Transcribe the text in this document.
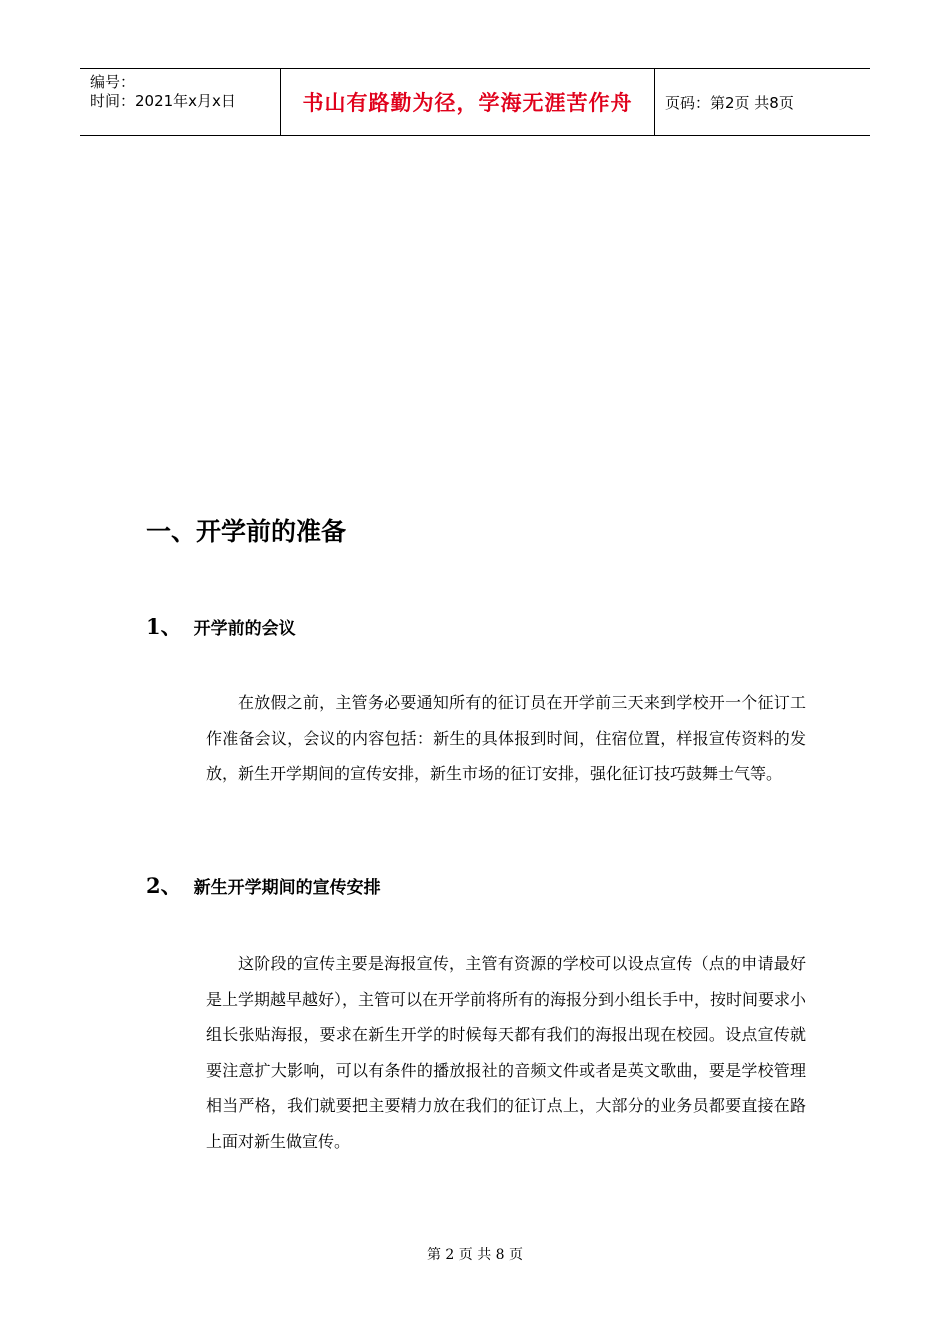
编号：
时间：2021年x月x日	书山有路勤为径，学海无涯苦作舟	页码：第2页 共8页
一、开学前的准备
1、 开学前的会议

在放假之前，主管务必要通知所有的征订员在开学前三天来到学校开一个征订工作准备会议，会议的内容包括：新生的具体报到时间，住宿位置，样报宣传资料的发放，新生开学期间的宣传安排，新生市场的征订安排，强化征订技巧鼓舞士气等。

2、 新生开学期间的宣传安排

这阶段的宣传主要是海报宣传，主管有资源的学校可以设点宣传（点的申请最好是上学期越早越好），主管可以在开学前将所有的海报分到小组长手中，按时间要求小组长张贴海报，要求在新生开学的时候每天都有我们的海报出现在校园。设点宣传就要注意扩大影响，可以有条件的播放报社的音频文件或者是英文歌曲，要是学校管理相当严格，我们就要把主要精力放在我们的征订点上，大部分的业务员都要直接在路上面对新生做宣传。

第 2 页 共 8 页
